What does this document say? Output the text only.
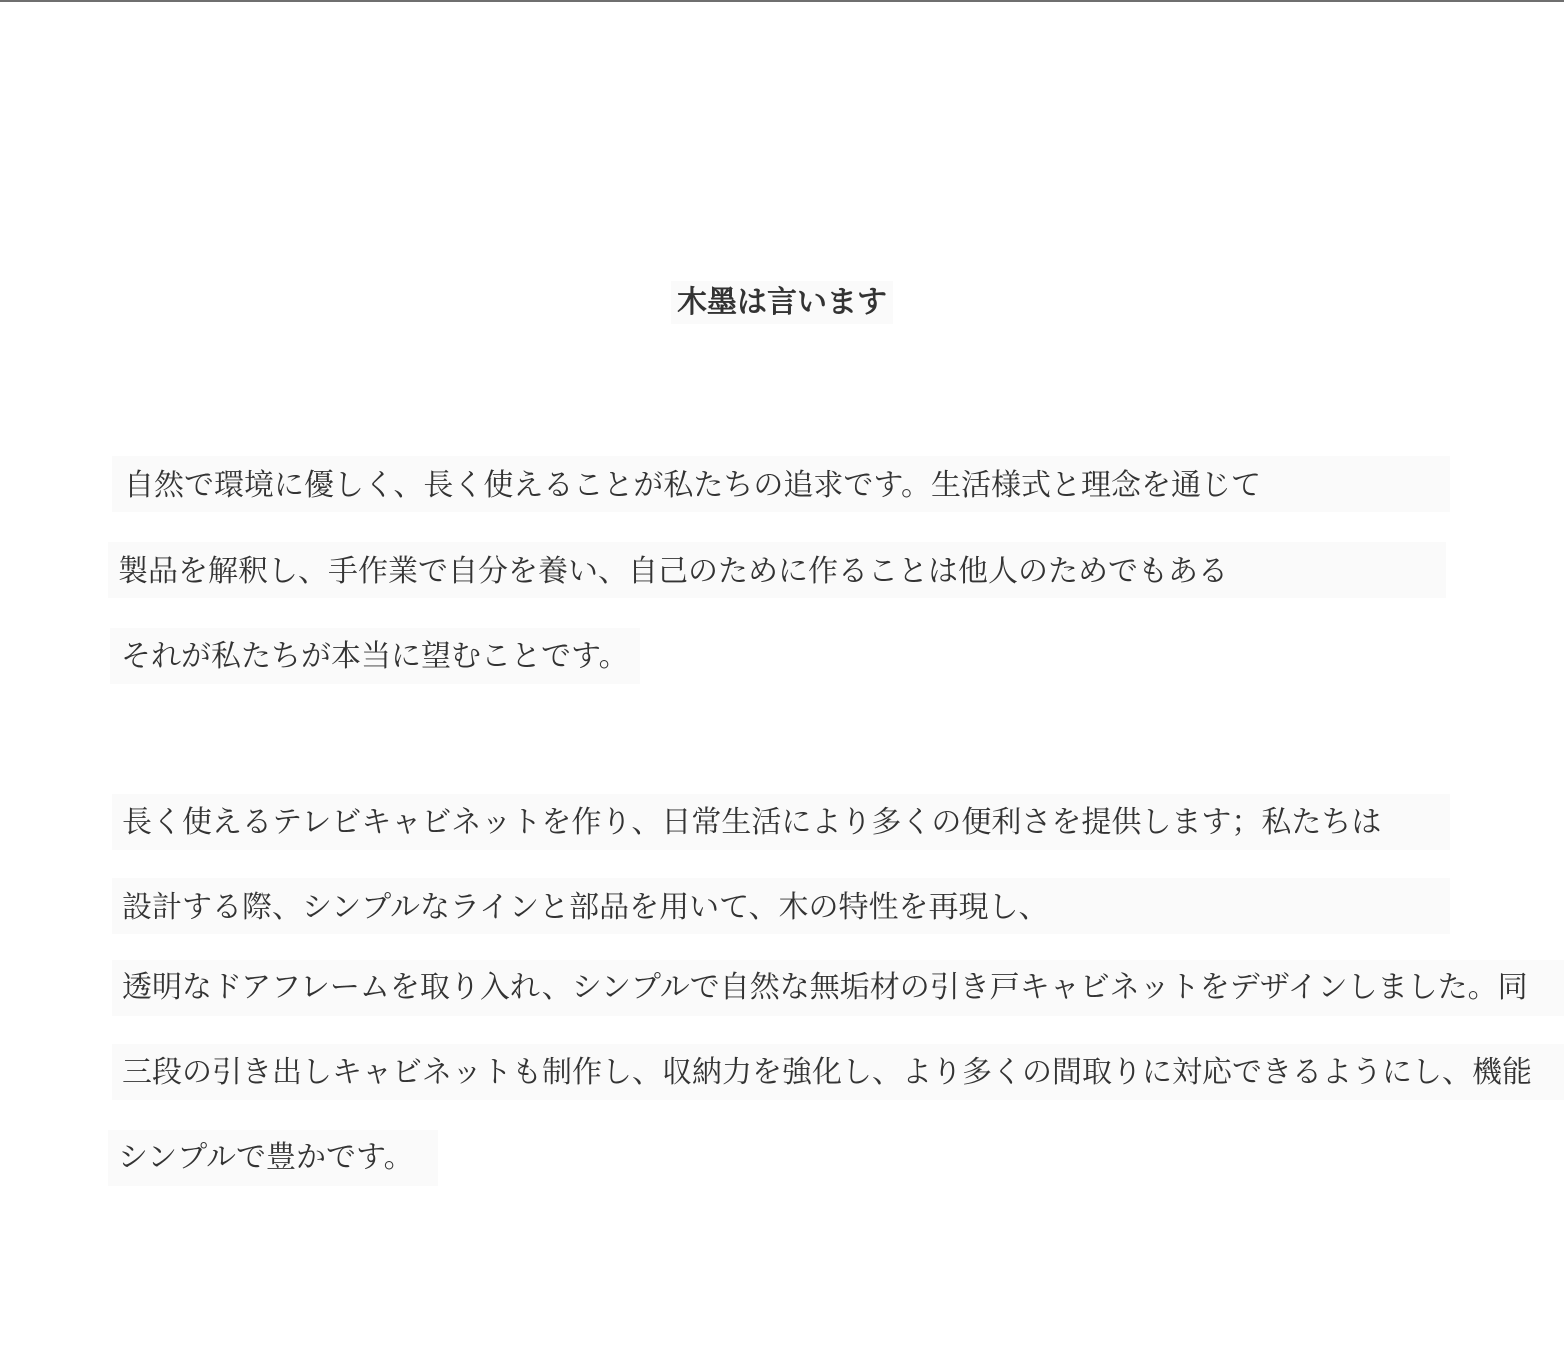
木墨は言います
自然で環境に優しく、長く使えることが私たちの追求です。生活様式と理念を通じて
製品を解釈し、手作業で自分を養い、自己のために作ることは他人のためでもある
それが私たちが本当に望むことです。
長く使えるテレビキャビネットを作り、日常生活により多くの便利さを提供します；私たちは
設計する際、シンプルなラインと部品を用いて、木の特性を再現し、
透明なドアフレームを取り入れ、シンプルで自然な無垢材の引き戸キャビネットをデザインしました。同
三段の引き出しキャビネットも制作し、収納力を強化し、より多くの間取りに対応できるようにし、機能
シンプルで豊かです。
